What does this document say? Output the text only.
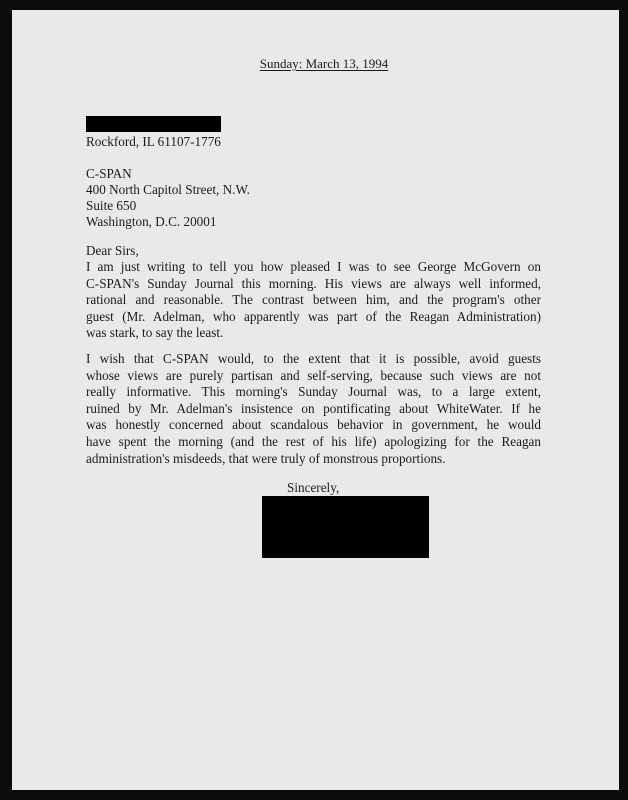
Sunday: March 13, 1994
Rockford, IL 61107-1776
C-SPAN
400 North Capitol Street, N.W.
Suite 650
Washington, D.C. 20001
Dear Sirs,
I am just writing to tell you how pleased I was to see George McGovern on
C-SPAN's Sunday Journal this morning. His views are always well informed,
rational and reasonable. The contrast between him, and the program's other
guest (Mr. Adelman, who apparently was part of the Reagan Administration)
was stark, to say the least.
I wish that C-SPAN would, to the extent that it is possible, avoid guests
whose views are purely partisan and self-serving, because such views are not
really informative. This morning's Sunday Journal was, to a large extent,
ruined by Mr. Adelman's insistence on pontificating about WhiteWater. If he
was honestly concerned about scandalous behavior in government, he would
have spent the morning (and the rest of his life) apologizing for the Reagan
administration's misdeeds, that were truly of monstrous proportions.
Sincerely,
